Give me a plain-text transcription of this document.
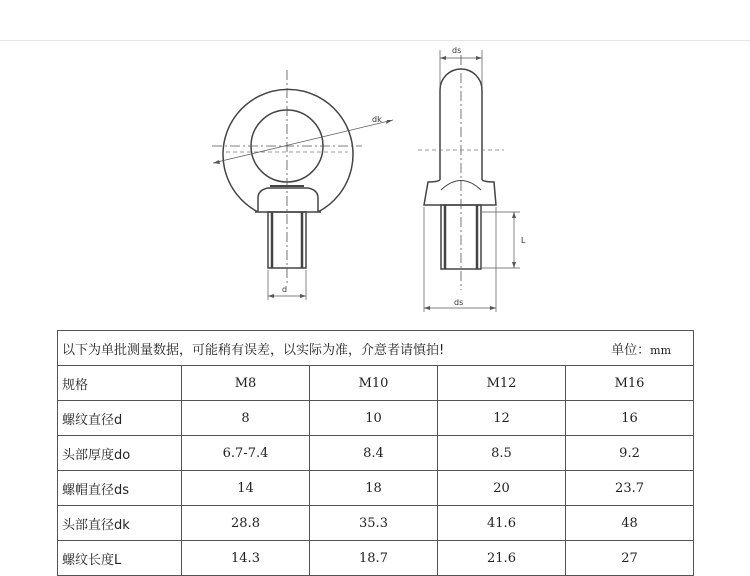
ds
dk
L
d
ds
以下为单批测量数据，可能稍有误差，以实际为准，介意者请慎拍! 单位：mm				

规格	M8	M10	M12	M16
螺纹直径d	8	10	12	16
头部厚度do	6.7-7.4	8.4	8.5	9.2
螺帽直径ds	14	18	20	23.7
头部直径dk	28.8	35.3	41.6	48
螺纹长度L	14.3	18.7	21.6	27
